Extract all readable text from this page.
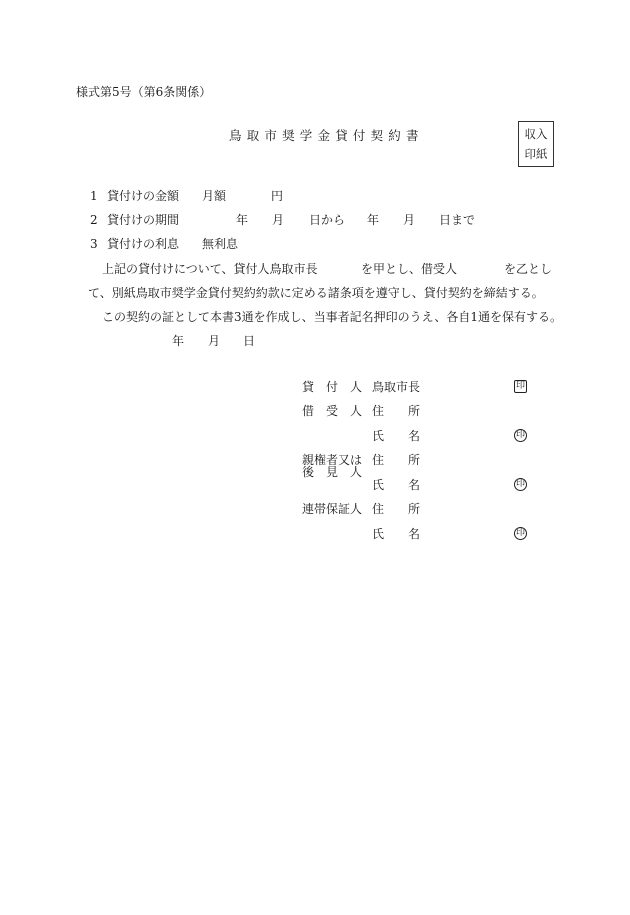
様式第5号（第6条関係）
鳥取市奨学金貸付契約書	収入
印紙
1 貸付けの金額 月額	円
2 貸付けの期間	年 月 日から 年 月 日まで
3 貸付けの利息 無利息
上記の貸付けについて、貸付人鳥取市長	を甲とし、借受人	を乙とし
て、別紙鳥取市奨学金貸付契約約款に定める諸条項を遵守し、貸付契約を締結する。
この契約の証として本書3通を作成し、当事者記名押印のうえ、各自1通を保有する。
年 月 日
貸　付　人 鳥取市長	印
借　受　人 住　　所
氏　　名	印
親権者又は
後　見　人
住　　所
氏　　名	印
連帯保証人 住　　所
氏　　名	印
